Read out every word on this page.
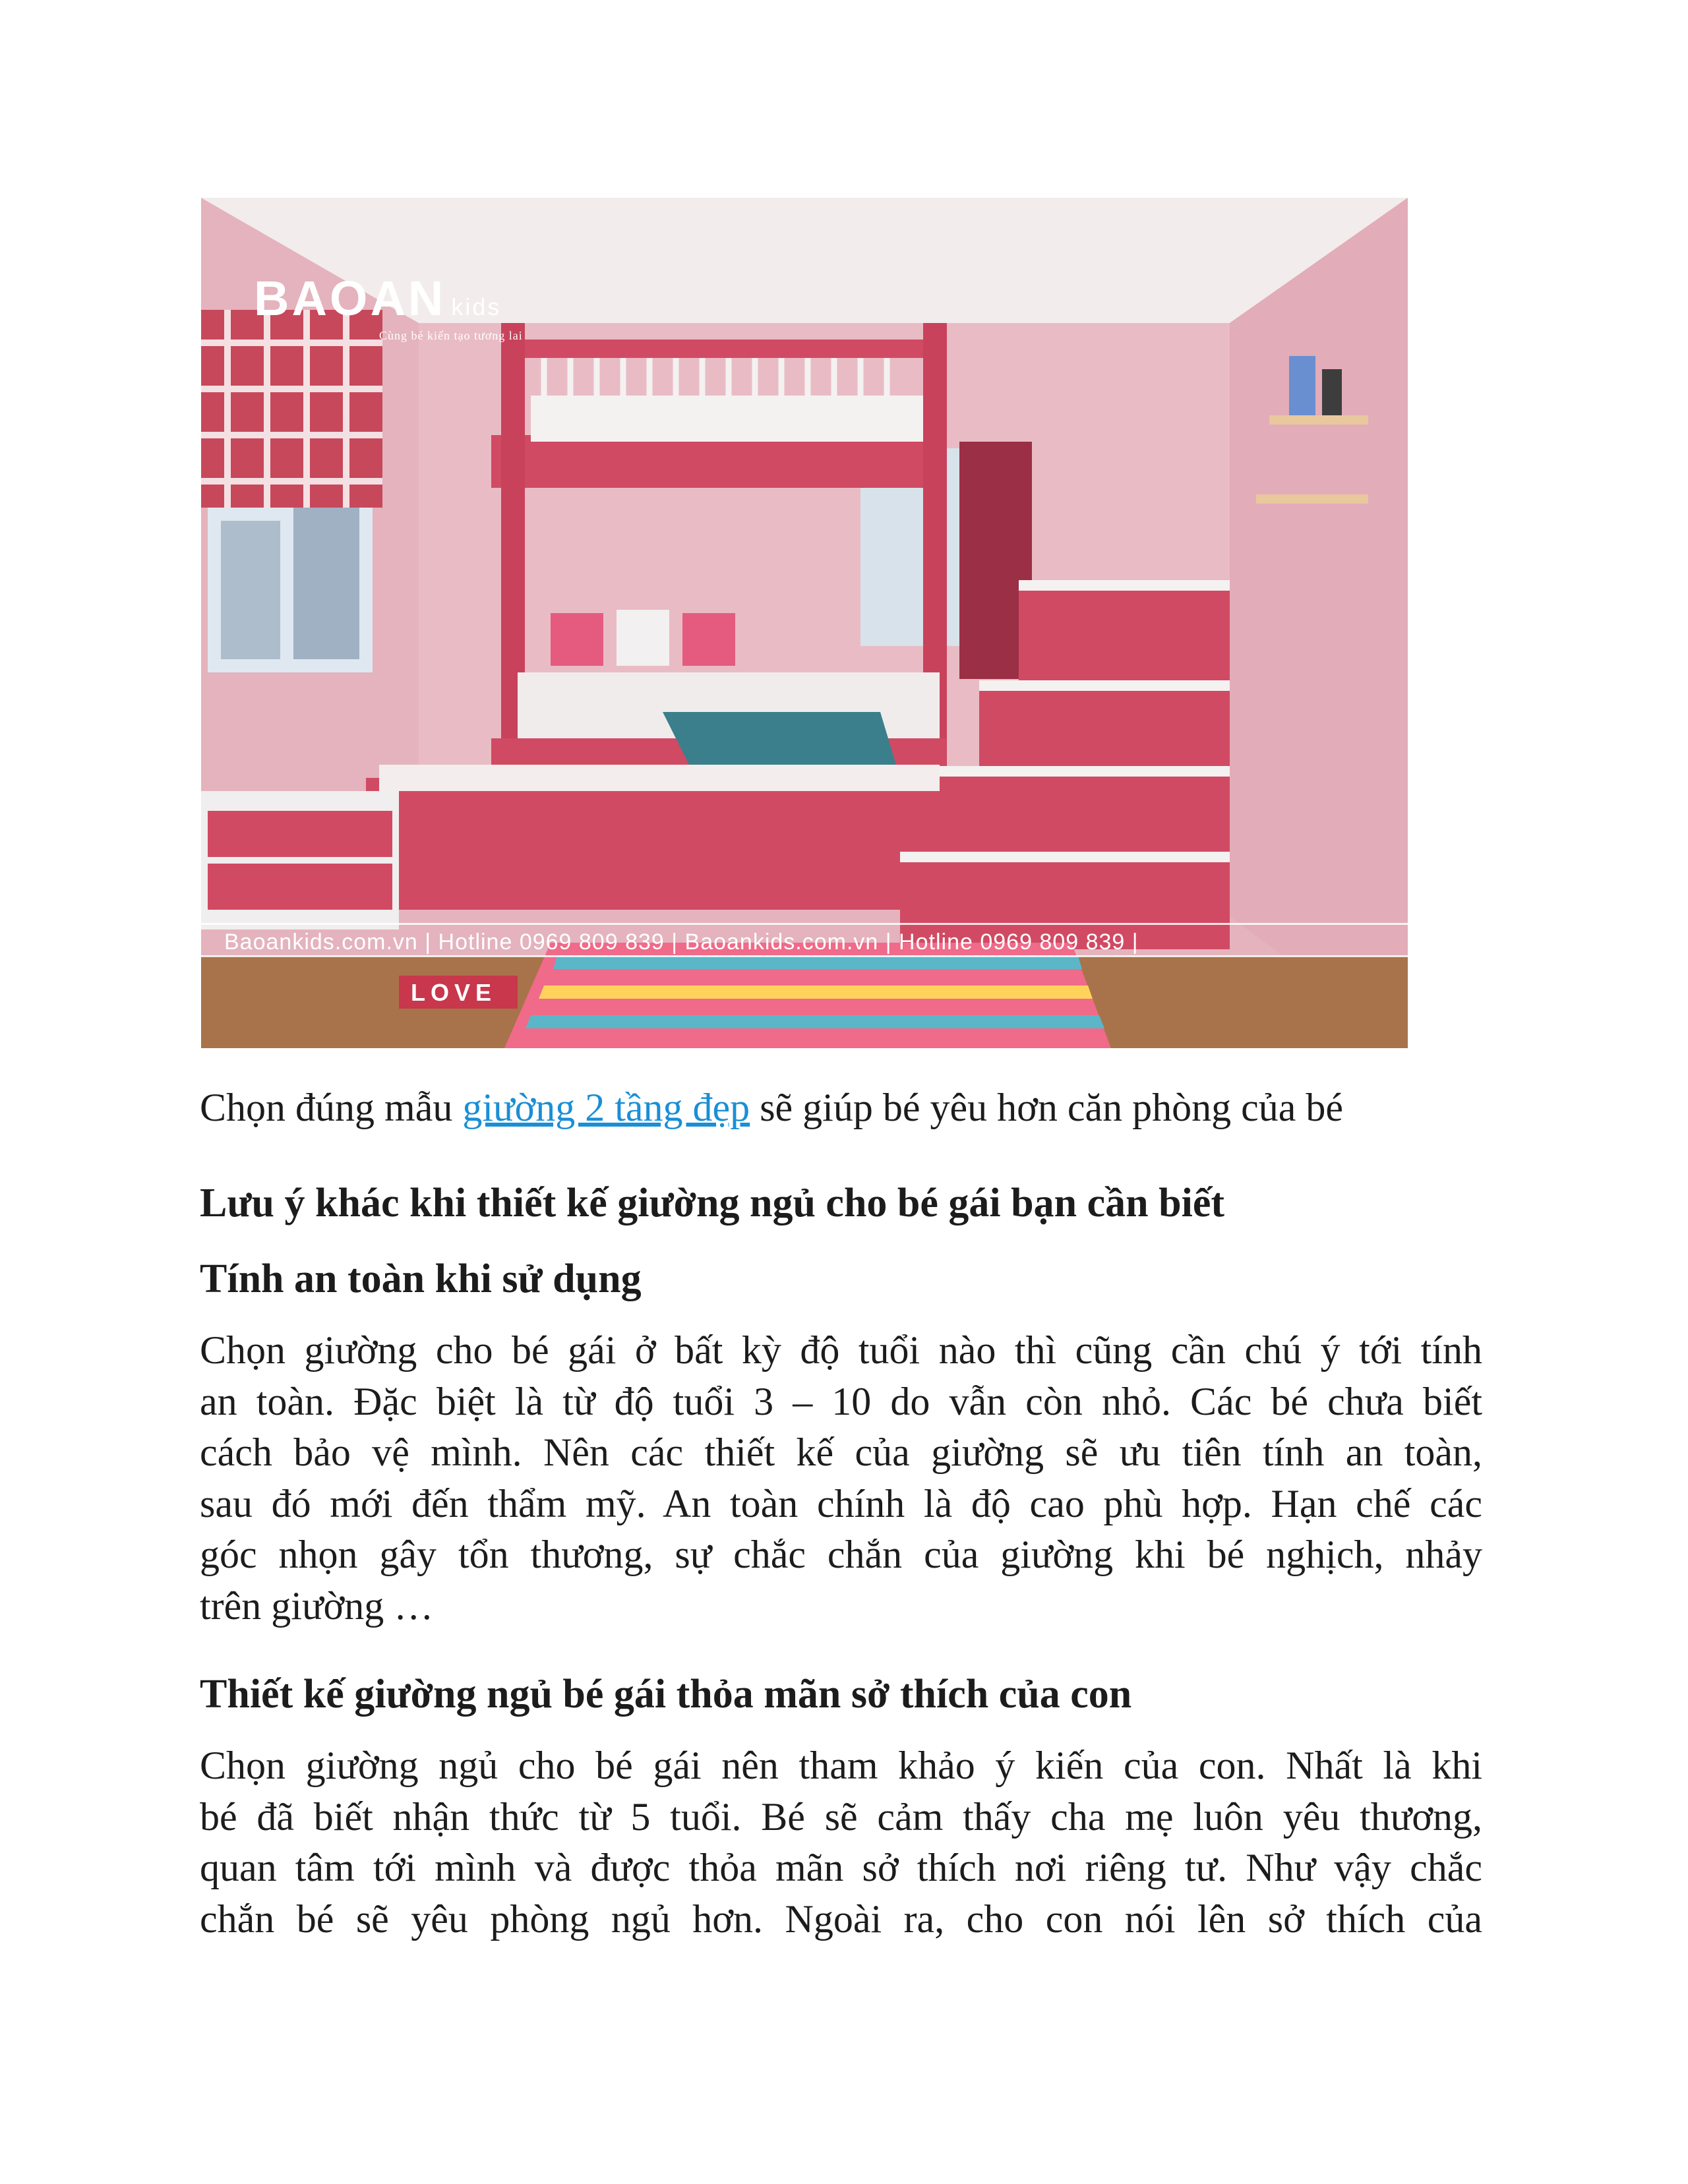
LOVE
BAOAN kids
Cùng bé kiến tạo tương lai
Baoankids.com.vn | Hotline 0969 809 839 | Baoankids.com.vn | Hotline 0969 809 839 |
Chọn đúng mẫu giường 2 tầng đẹp sẽ giúp bé yêu hơn căn phòng của bé
Lưu ý khác khi thiết kế giường ngủ cho bé gái bạn cần biết
Tính an toàn khi sử dụng
Chọn giường cho bé gái ở bất kỳ độ tuổi nào thì cũng cần chú ý tới tính
an toàn. Đặc biệt là từ độ tuổi 3 – 10 do vẫn còn nhỏ. Các bé chưa biết
cách bảo vệ mình. Nên các thiết kế của giường sẽ ưu tiên tính an toàn,
sau đó mới đến thẩm mỹ. An toàn chính là độ cao phù hợp. Hạn chế các
góc nhọn gây tổn thương, sự chắc chắn của giường khi bé nghịch, nhảy
trên giường …
Thiết kế giường ngủ bé gái thỏa mãn sở thích của con
Chọn giường ngủ cho bé gái nên tham khảo ý kiến của con. Nhất là khi
bé đã biết nhận thức từ 5 tuổi. Bé sẽ cảm thấy cha mẹ luôn yêu thương,
quan tâm tới mình và được thỏa mãn sở thích nơi riêng tư. Như vậy chắc
chắn bé sẽ yêu phòng ngủ hơn. Ngoài ra, cho con nói lên sở thích của
